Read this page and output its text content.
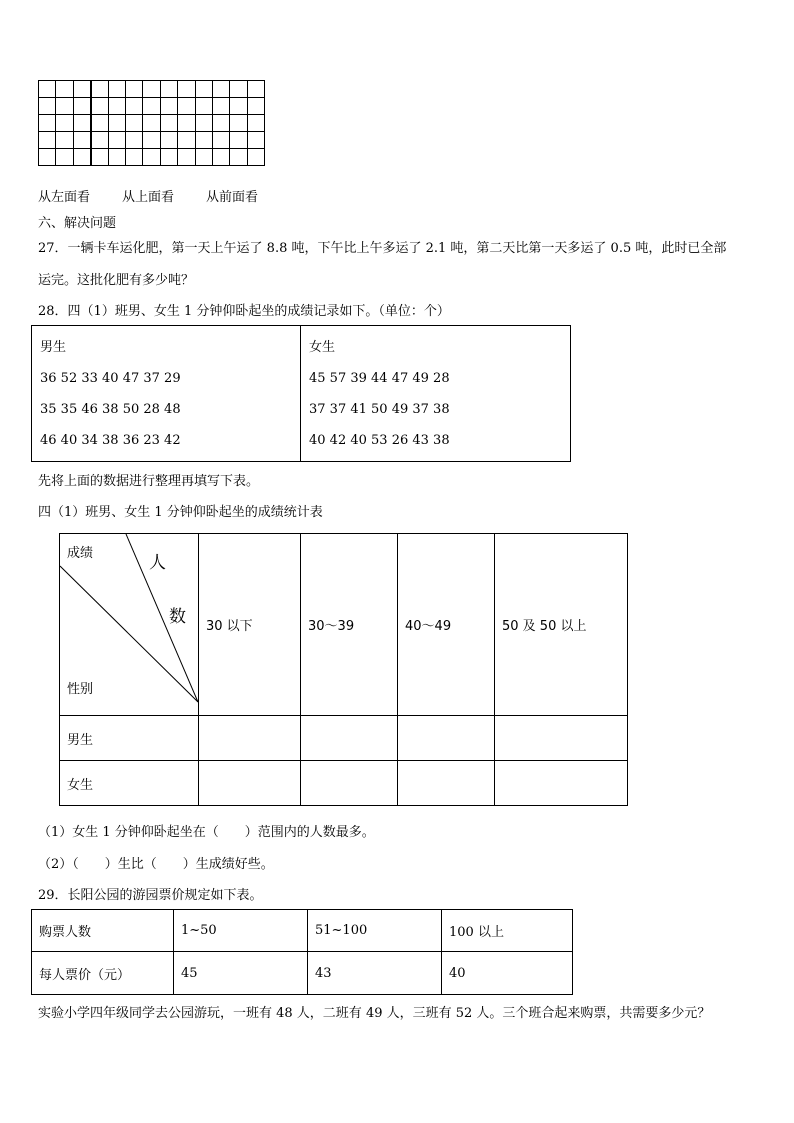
从左面看 从上面看 从前面看
六、解决问题
27．一辆卡车运化肥，第一天上午运了 8.8 吨，下午比上午多运了 2.1 吨，第二天比第一天多运了 0.5 吨，此时已全部
运完。这批化肥有多少吨？
28．四（1）班男、女生 1 分钟仰卧起坐的成绩记录如下。（单位：个）
男生
36 52 33 40 47 37 29
35 35 46 38 50 28 48
46 40 34 38 36 23 42

女生
45 57 39 44 47 49 28
37 37 41 50 49 37 38
40 42 40 53 26 43 38
先将上面的数据进行整理再填写下表。
四（1）班男、女生 1 分钟仰卧起坐的成绩统计表
成绩 人
数
性别	30 以下	30～39	40～49	50 及 50 以上
男生				
女生				
（1）女生 1 分钟仰卧起坐在（　　）范围内的人数最多。
（2）（　　）生比（　　）生成绩好些。
29．长阳公园的游园票价规定如下表。
购票人数	1~50	51~100	100 以上
每人票价（元）	45	43	40
实验小学四年级同学去公园游玩，一班有 48 人，二班有 49 人，三班有 52 人。三个班合起来购票，共需要多少元？
